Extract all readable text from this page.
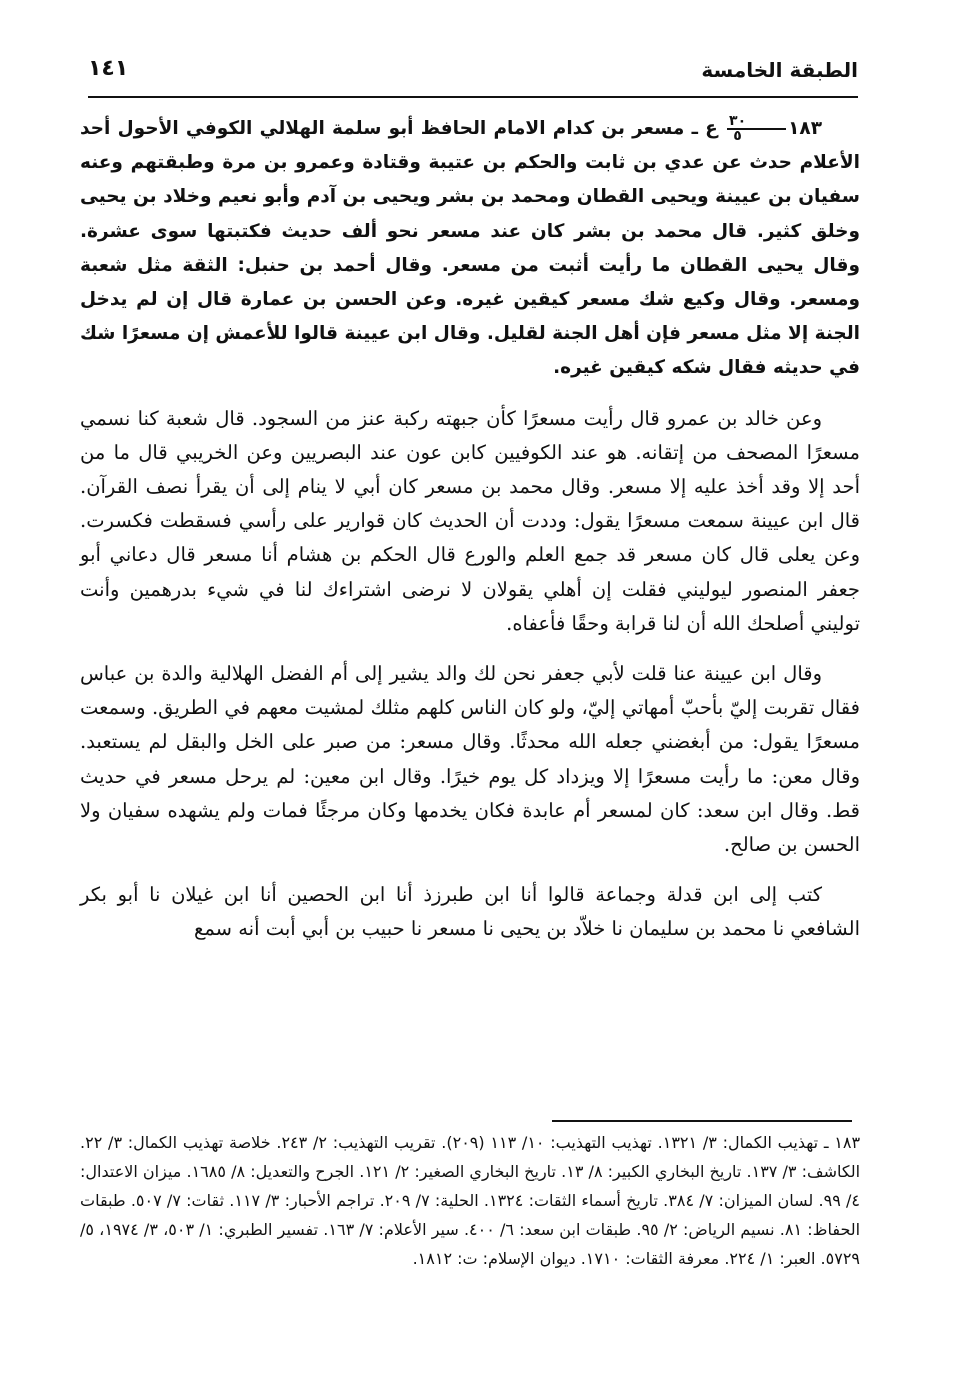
الطبقة الخامسة
١٤١

١٨٣
$\frac{٣٠}{٥}$
ع ـ مسعر بن كدام الامام الحافظ أبو سلمة الهلالي الكوفي الأحول أحد الأعلام حدث عن عدي بن ثابت والحكم بن عتيبة وقتادة وعمرو بن مرة وطبقتهم وعنه سفيان بن عيينة ويحيى القطان ومحمد بن بشر ويحيى بن آدم وأبو نعيم وخلاد بن يحيى وخلق كثير. قال محمد بن بشر كان عند مسعر نحو ألف حديث فكتبتها سوى عشرة. وقال يحيى القطان ما رأيت أثبت من مسعر. وقال أحمد بن حنبل: الثقة مثل شعبة ومسعر. وقال وكيع شك مسعر كيقين غيره. وعن الحسن بن عمارة قال إن لم يدخل الجنة إلا مثل مسعر فإن أهل الجنة لقليل. وقال ابن عيينة قالوا للأعمش إن مسعرًا شك في حديثه فقال شكه كيقين غيره.

وعن خالد بن عمرو قال رأيت مسعرًا كأن جبهته ركبة عنز من السجود. قال شعبة كنا نسمي مسعرًا المصحف من إتقانه. هو عند الكوفيين كابن عون عند البصريين وعن الخريبي قال ما من أحد إلا وقد أخذ عليه إلا مسعر. وقال محمد بن مسعر كان أبي لا ينام إلى أن يقرأ نصف القرآن. قال ابن عيينة سمعت مسعرًا يقول: وددت أن الحديث كان قوارير على رأسي فسقطت فكسرت. وعن يعلى قال كان مسعر قد جمع العلم والورع قال الحكم بن هشام أنا مسعر قال دعاني أبو جعفر المنصور ليوليني فقلت إن أهلي يقولان لا نرضى اشتراءك لنا في شيء بدرهمين وأنت توليني أصلحك الله أن لنا قرابة وحقًا فأعفاه.

وقال ابن عيينة عنا قلت لأبي جعفر نحن لك والد يشير إلى أم الفضل الهلالية والدة بن عباس فقال تقربت إليّ بأحبّ أمهاتي إليّ، ولو كان الناس كلهم مثلك لمشيت معهم في الطريق. وسمعت مسعرًا يقول: من أبغضني جعله الله محدثًا. وقال مسعر: من صبر على الخل والبقل لم يستعبد. وقال معن: ما رأيت مسعرًا إلا ويزداد كل يوم خيرًا. وقال ابن معين: لم يرحل مسعر في حديث قط. وقال ابن سعد: كان لمسعر أم عابدة فكان يخدمها وكان مرجئًا فمات ولم يشهده سفيان ولا الحسن بن صالح.

كتب إلى ابن قدلة وجماعة قالوا أنا ابن طبرزذ أنا ابن الحصين أنا ابن غيلان نا أبو بكر الشافعي نا محمد بن سليمان نا خلاّد بن يحيى نا مسعر نا حبيب بن أبي أبت أنه سمع

١٨٣ ـ تهذيب الكمال: ٣/ ١٣٢١. تهذيب التهذيب: ١٠/ ١١٣ (٢٠٩). تقريب التهذيب: ٢/ ٢٤٣. خلاصة تهذيب الكمال: ٣/ ٢٢. الكاشف: ٣/ ١٣٧. تاريخ البخاري الكبير: ٨/ ١٣. تاريخ البخاري الصغير: ٢/ ١٢١. الجرح والتعديل: ٨/ ١٦٨٥. ميزان الاعتدال: ٤/ ٩٩. لسان الميزان: ٧/ ٣٨٤. تاريخ أسماء الثقات: ١٣٢٤. الحلية: ٧/ ٢٠٩. تراجم الأحبار: ٣/ ١١٧. ثقات: ٧/ ٥٠٧. طبقات الحفاظ: ٨١. نسيم الرياض: ٢/ ٩٥. طبقات ابن سعد: ٦/ ٤٠٠. سير الأعلام: ٧/ ١٦٣. تفسير الطبري: ١/ ٥٠٣، ٣/ ١٩٧٤، ٥/ ٥٧٢٩. العبر: ١/ ٢٢٤. معرفة الثقات: ١٧١٠. ديوان الإسلام: ت: ١٨١٢.
